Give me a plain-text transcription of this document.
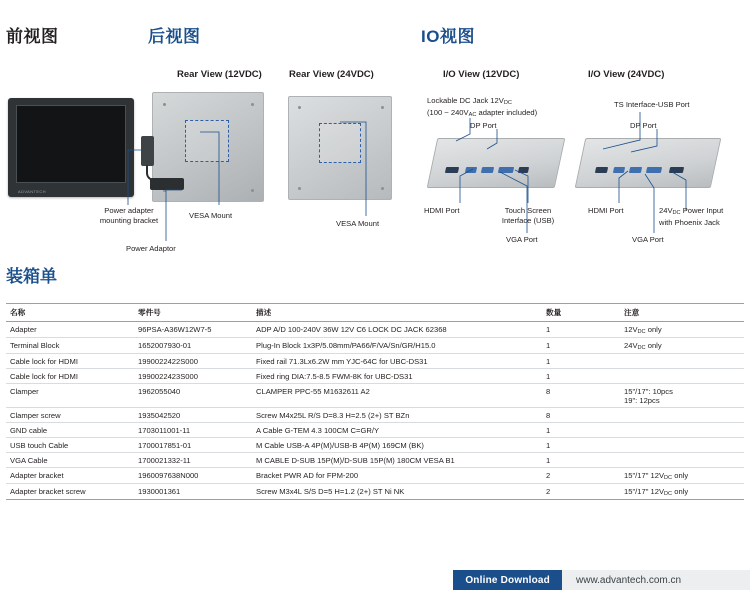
前视图	后视图	IO视图
Rear View (12VDC)	Rear View (24VDC)	I/O View (12VDC)	I/O View (24VDC)
ADVANTECH
Power adapter
mounting bracket
VESA Mount
Power Adaptor
VESA Mount
Lockable DC Jack 12VDC
(100 ~ 240VAC adapter included)
DP Port
HDMI Port	Touch Screen
Interface (USB)
VGA Port
TS Interface-USB Port
DP Port
HDMI Port	24VDC Power Input
with Phoenix Jack
VGA Port
装箱单
名称	零件号	描述	数量	注意
Adapter	96PSA-A36W12W7-5	ADP A/D 100-240V 36W 12V C6 LOCK DC JACK 62368	1	12VDC only
Terminal Block	1652007930-01	Plug-In Block 1x3P/5.08mm/PA66/F/VA/Sn/GR/H15.0	1	24VDC only
Cable lock for HDMI	1990022422S000	Fixed rail 71.3Lx6.2W mm YJC-64C for UBC-DS31	1	
Cable lock for HDMI	1990022423S000	Fixed ring DIA:7.5-8.5 FWM-8K for UBC-DS31	1	
Clamper	1962055040	CLAMPER PPC-55 M1632611 A2	8	15"/17": 10pcs
19": 12pcs
Clamper screw	1935042520	Screw M4x25L R/S D=8.3 H=2.5 (2+) ST BZn	8	
GND cable	1703011001-11	A Cable G-TEM 4.3 100CM C=GR/Y	1	
USB touch Cable	1700017851-01	M Cable USB-A 4P(M)/USB-B 4P(M) 169CM (BK)	1	
VGA Cable	1700021332-11	M CABLE D-SUB 15P(M)/D-SUB 15P(M) 180CM VESA B1	1	
Adapter bracket	1960097638N000	Bracket PWR AD for FPM-200	2	15"/17" 12VDC only
Adapter bracket screw	1930001361	Screw M3x4L S/S D=5 H=1.2 (2+) ST Ni NK	2	15"/17" 12VDC only
Online Download	www.advantech.com.cn
